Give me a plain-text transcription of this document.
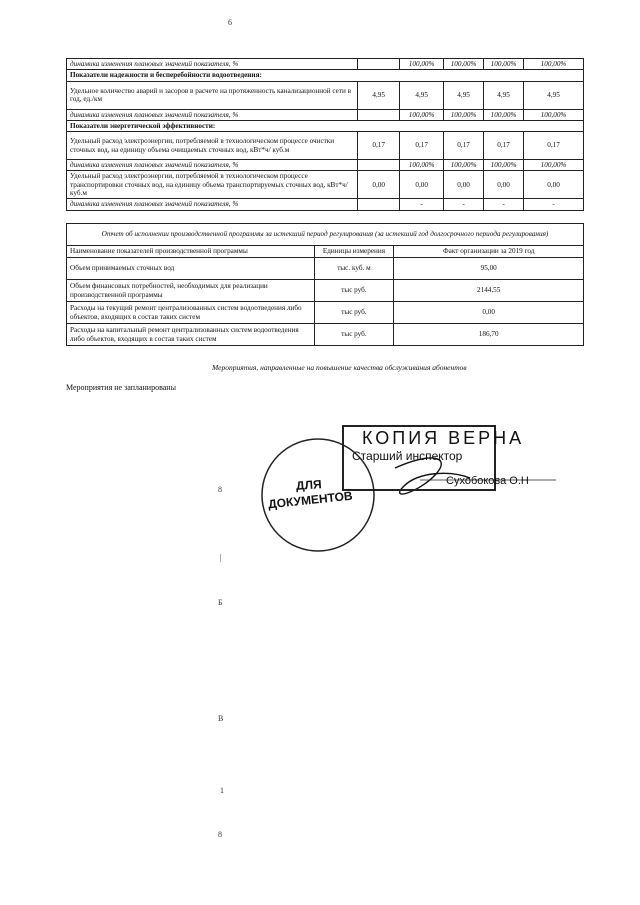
6
динамика изменения плановых значений показателя, %		100,00%	100,00%	100,00%	100,00%
Показатели надежности и бесперебойности водоотведения:					
Удельное количество аварий и засоров в расчете на протяженность канализационной сети в год, ед./км	4,95	4,95	4,95	4,95	4,95
динамика изменения плановых значений показателя, %		100,00%	100,00%	100,00%	100,00%
Показатели энергетической эффективности:					
Удельный расход электроэнергии, потребляемой в технологическом процессе очистки сточных вод, на единицу объема очищаемых сточных вод, кВт*ч/ куб.м	0,17	0,17	0,17	0,17	0,17
динамика изменения плановых значений показателя, %		100,00%	100,00%	100,00%	100,00%
Удельный расход электроэнергии, потребляемой в технологическом процессе транспортировки сточных вод, на единицу объема транспортируемых сточных вод, кВт*ч/ куб.м	0,00	0,00	0,00	0,00	0,00
динамика изменения плановых значений показателя, %		-	-	-	-
Отчет об исполнении производственной программы за истекший период регулирования (за истекший год долгосрочного периода регулирования)		
Наименование показателей производственной программы	Единицы измерения	Факт организации за 2019 год
Объем принимаемых сточных вод	тыс. куб. м	95,00
Объем финансовых потребностей, необходимых для реализации производственной программы	тыс руб.	2144,55
Расходы на текущий ремонт централизованных систем водоотведения либо объектов, входящих в состав таких систем	тыс руб.	0,00
Расходы на капитальный ремонт централизованных систем водоотведения либо объектов, входящих в состав таких систем	тыс руб.	186,70
Мероприятия, направленные на повышение качества обслуживания абонентов
Мероприятия не запланированы
КОПИЯ ВЕРНА
Старший инспектор
Сухобокова О.Н
ДЛЯ
ДОКУМЕНТОВ
8
|
Б
В
1
8
